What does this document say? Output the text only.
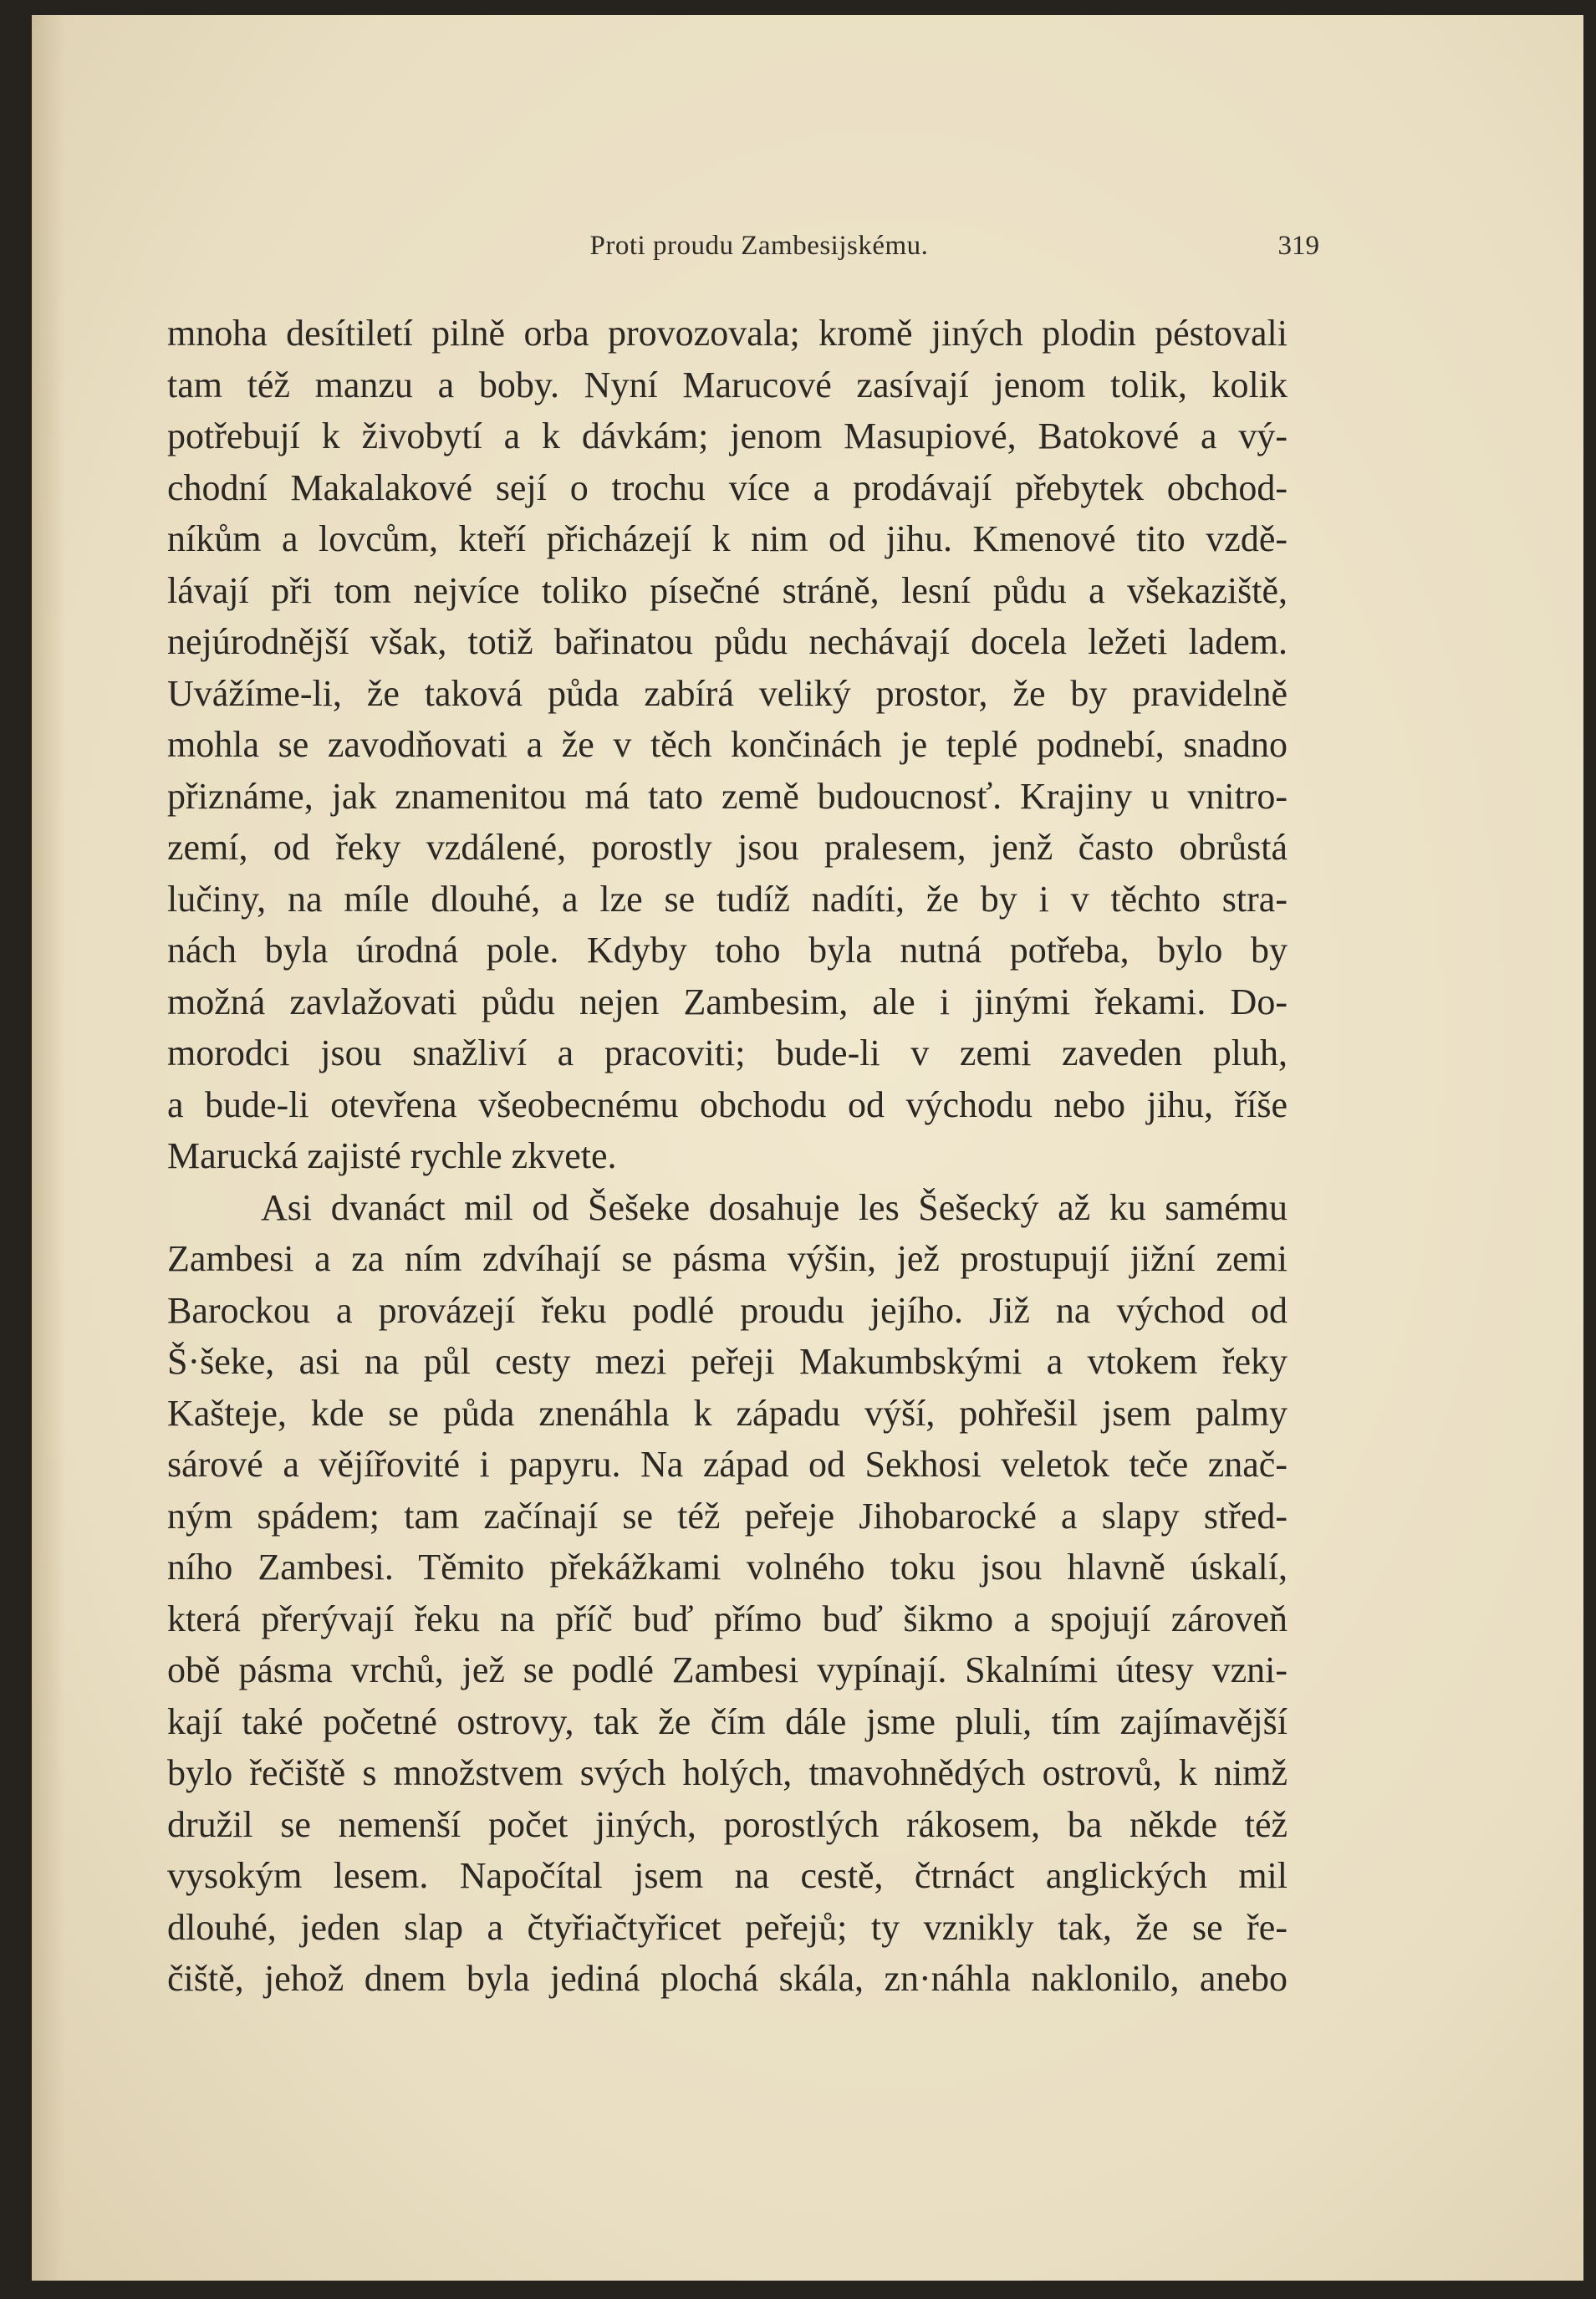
Proti proudu Zambesijskému.	319

mnoha desítiletí pilně orba provozovala; kromě jiných plodin péstovali

tam též manzu a boby. Nyní Marucové zasívají jenom tolik, kolik

potřebují k živobytí a k dávkám; jenom Masupiové, Batokové a vý-

chodní Makalakové sejí o trochu více a prodávají přebytek obchod-

níkům a lovcům, kteří přicházejí k nim od jihu. Kmenové tito vzdě-

lávají při tom nejvíce toliko písečné stráně, lesní půdu a všekaziště,

nejúrodnější však, totiž bařinatou půdu nechávají docela ležeti ladem.

Uvážíme-li, že taková půda zabírá veliký prostor, že by pravidelně

mohla se zavodňovati a že v těch končinách je teplé podnebí, snadno

přiznáme, jak znamenitou má tato země budoucnosť. Krajiny u vnitro-

zemí, od řeky vzdálené, porostly jsou pralesem, jenž často obrůstá

lučiny, na míle dlouhé, a lze se tudíž nadíti, že by i v těchto stra-

nách byla úrodná pole. Kdyby toho byla nutná potřeba, bylo by

možná zavlažovati půdu nejen Zambesim, ale i jinými řekami. Do-

morodci jsou snažliví a pracoviti; bude-li v zemi zaveden pluh,

a bude-li otevřena všeobecnému obchodu od východu nebo jihu, říše

Marucká zajisté rychle zkvete.

Asi dvanáct mil od Šešeke dosahuje les Šešecký až ku samému

Zambesi a za ním zdvíhají se pásma výšin, jež prostupují jižní zemi

Barockou a provázejí řeku podlé proudu jejího. Již na východ od

Š·šeke, asi na půl cesty mezi peřeji Makumbskými a vtokem řeky

Kašteje, kde se půda znenáhla k západu výší, pohřešil jsem palmy

sárové a vějířovité i papyru. Na západ od Sekhosi veletok teče znač-

ným spádem; tam začínají se též peřeje Jihobarocké a slapy střed-

ního Zambesi. Těmito překážkami volného toku jsou hlavně úskalí,

která přerývají řeku na příč buď přímo buď šikmo a spojují zároveň

obě pásma vrchů, jež se podlé Zambesi vypínají. Skalními útesy vzni-

kají také početné ostrovy, tak že čím dále jsme pluli, tím zajímavější

bylo řečiště s množstvem svých holých, tmavohnědých ostrovů, k nimž

družil se nemenší počet jiných, porostlých rákosem, ba někde též

vysokým lesem. Napočítal jsem na cestě, čtrnáct anglických mil

dlouhé, jeden slap a čtyřiačtyřicet peřejů; ty vznikly tak, že se ře-

čiště, jehož dnem byla jediná plochá skála, zn·náhla naklonilo, anebo
